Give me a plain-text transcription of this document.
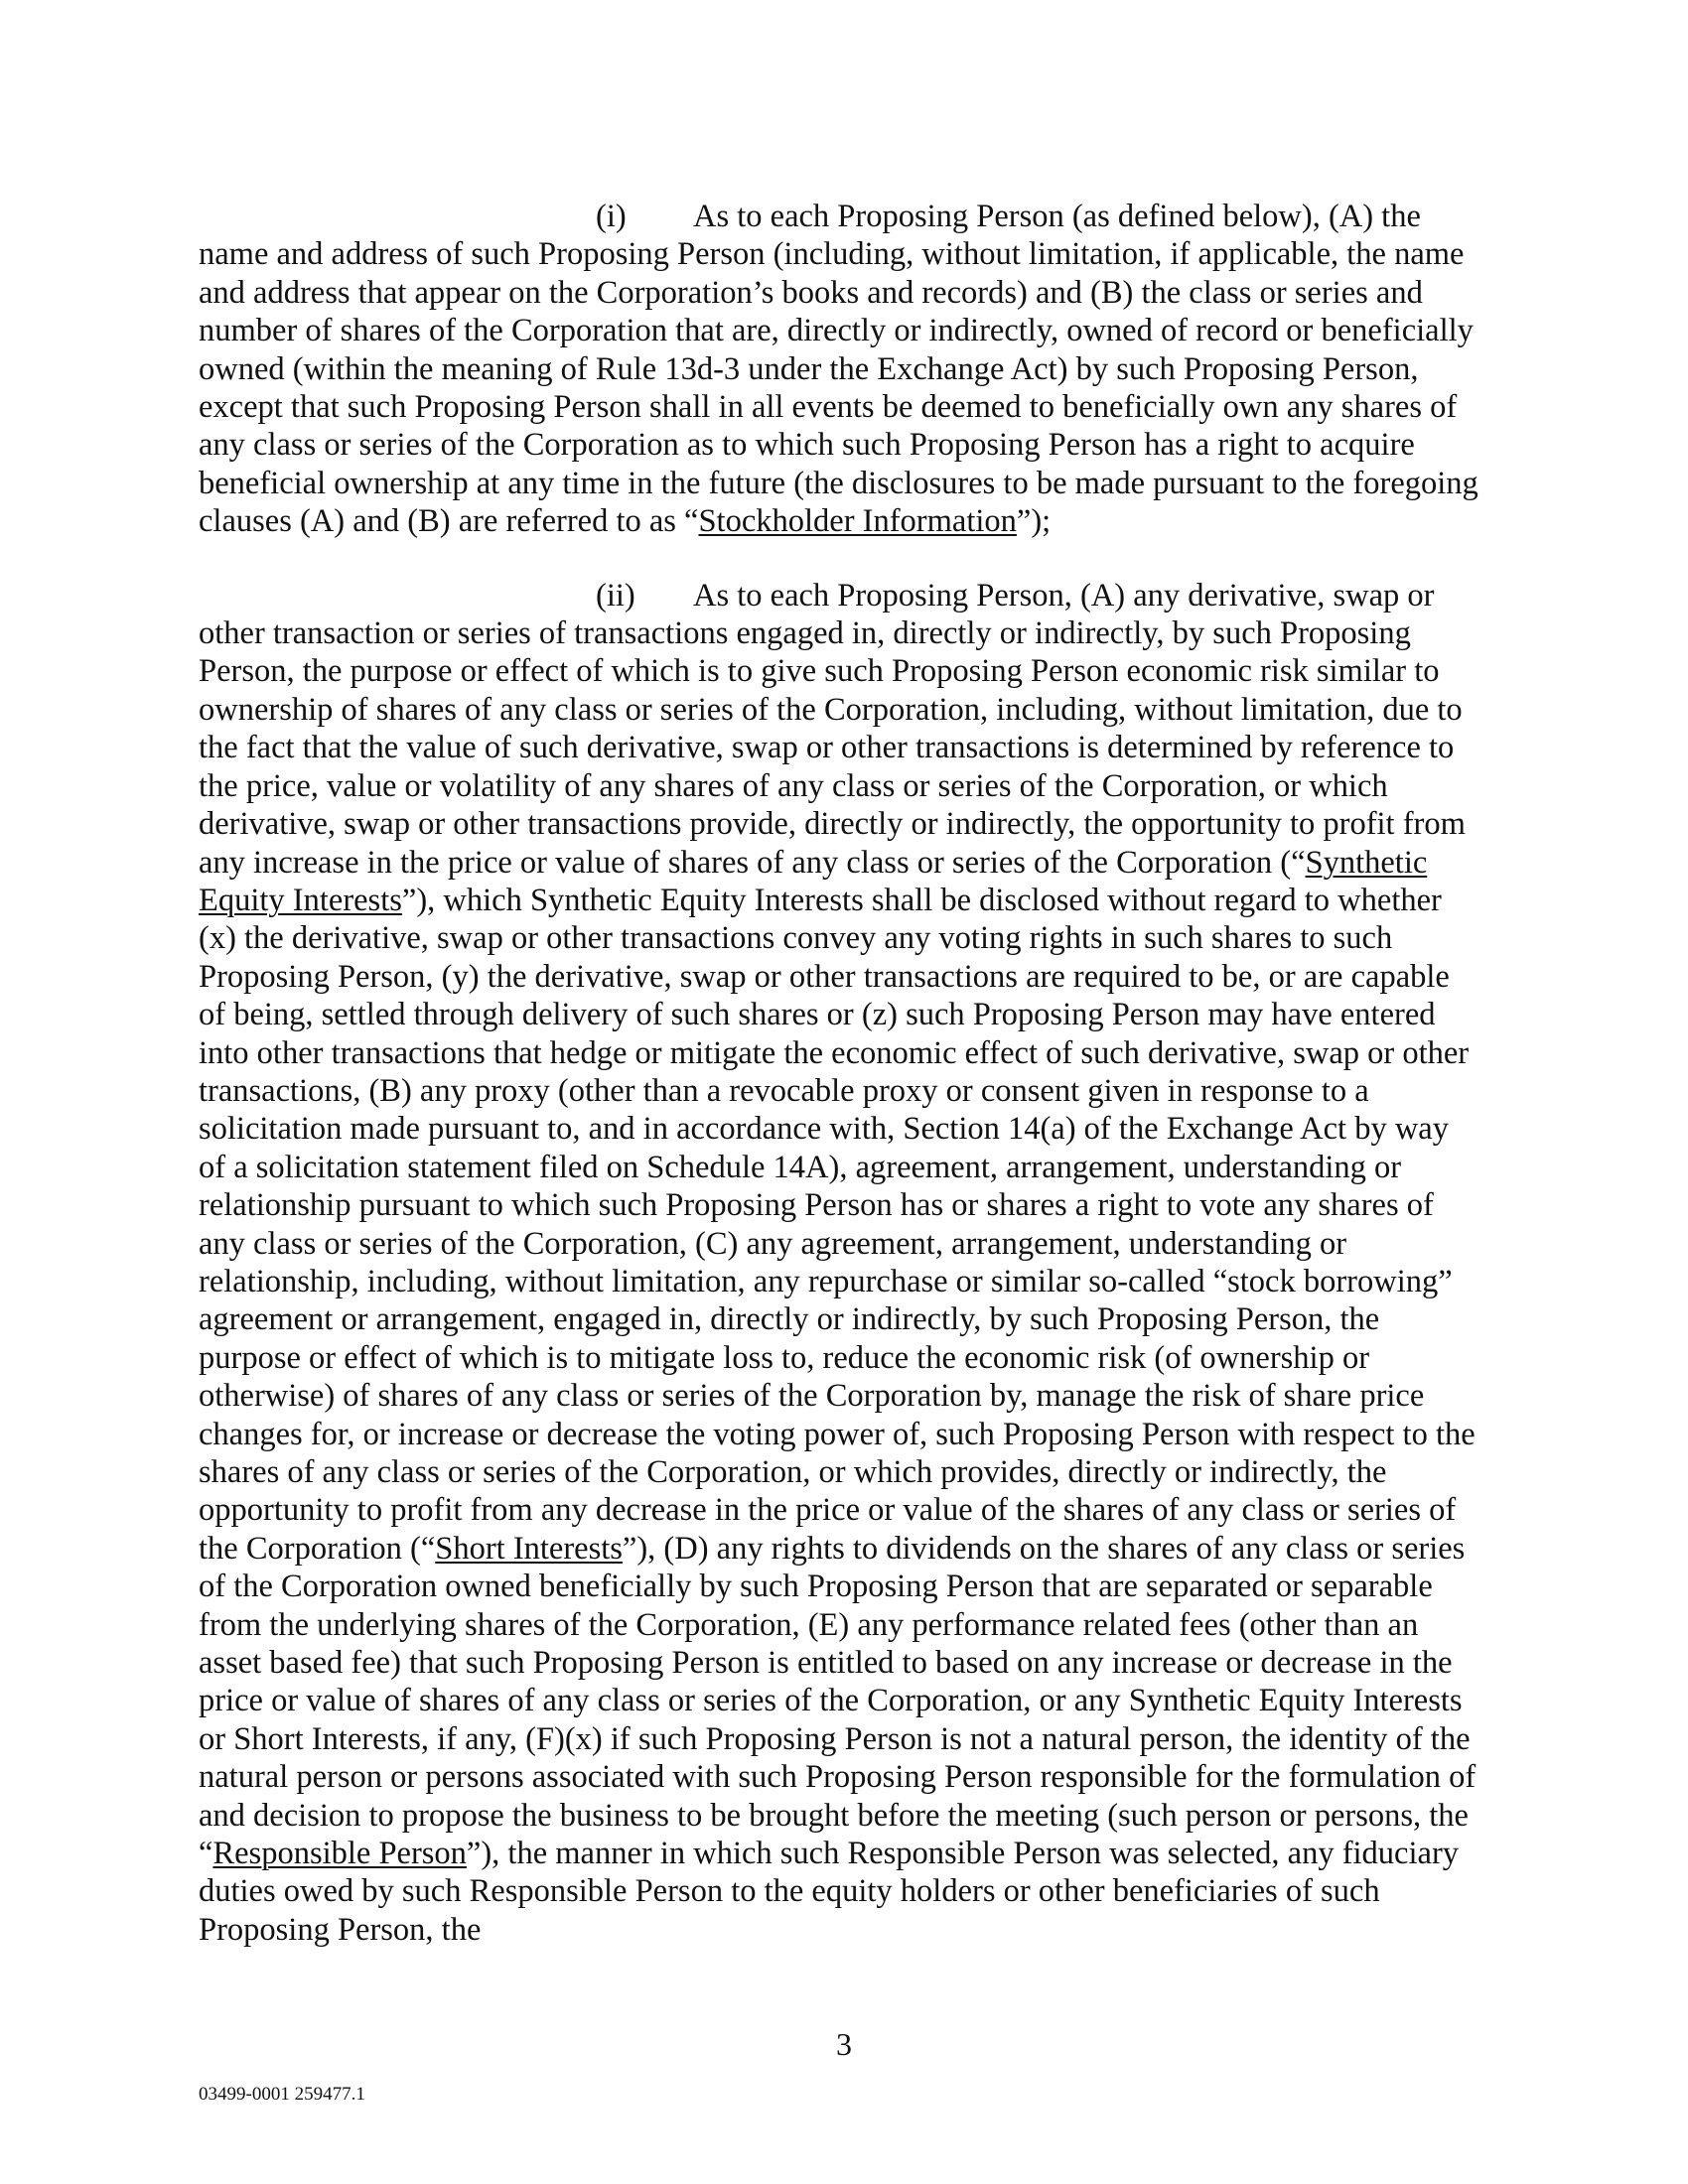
(i) As to each Proposing Person (as defined below), (A) the name and address of such Proposing Person (including, without limitation, if applicable, the name and address that appear on the Corporation’s books and records) and (B) the class or series and number of shares of the Corporation that are, directly or indirectly, owned of record or beneficially owned (within the meaning of Rule 13d-3 under the Exchange Act) by such Proposing Person, except that such Proposing Person shall in all events be deemed to beneficially own any shares of any class or series of the Corporation as to which such Proposing Person has a right to acquire beneficial ownership at any time in the future (the disclosures to be made pursuant to the foregoing clauses (A) and (B) are referred to as “Stockholder Information”);

(ii) As to each Proposing Person, (A) any derivative, swap or other transaction or series of transactions engaged in, directly or indirectly, by such Proposing Person, the purpose or effect of which is to give such Proposing Person economic risk similar to ownership of shares of any class or series of the Corporation, including, without limitation, due to the fact that the value of such derivative, swap or other transactions is determined by reference to the price, value or volatility of any shares of any class or series of the Corporation, or which derivative, swap or other transactions provide, directly or indirectly, the opportunity to profit from any increase in the price or value of shares of any class or series of the Corporation (“Synthetic Equity Interests”), which Synthetic Equity Interests shall be disclosed without regard to whether (x) the derivative, swap or other transactions convey any voting rights in such shares to such Proposing Person, (y) the derivative, swap or other transactions are required to be, or are capable of being, settled through delivery of such shares or (z) such Proposing Person may have entered into other transactions that hedge or mitigate the economic effect of such derivative, swap or other transactions, (B) any proxy (other than a revocable proxy or consent given in response to a solicitation made pursuant to, and in accordance with, Section 14(a) of the Exchange Act by way of a solicitation statement filed on Schedule 14A), agreement, arrangement, understanding or relationship pursuant to which such Proposing Person has or shares a right to vote any shares of any class or series of the Corporation, (C) any agreement, arrangement, understanding or relationship, including, without limitation, any repurchase or similar so-called “stock borrowing” agreement or arrangement, engaged in, directly or indirectly, by such Proposing Person, the purpose or effect of which is to mitigate loss to, reduce the economic risk (of ownership or otherwise) of shares of any class or series of the Corporation by, manage the risk of share price changes for, or increase or decrease the voting power of, such Proposing Person with respect to the shares of any class or series of the Corporation, or which provides, directly or indirectly, the opportunity to profit from any decrease in the price or value of the shares of any class or series of the Corporation (“Short Interests”), (D) any rights to dividends on the shares of any class or series of the Corporation owned beneficially by such Proposing Person that are separated or separable from the underlying shares of the Corporation, (E) any performance related fees (other than an asset based fee) that such Proposing Person is entitled to based on any increase or decrease in the price or value of shares of any class or series of the Corporation, or any Synthetic Equity Interests or Short Interests, if any, (F)(x) if such Proposing Person is not a natural person, the identity of the natural person or persons associated with such Proposing Person responsible for the formulation of and decision to propose the business to be brought before the meeting (such person or persons, the “Responsible Person”), the manner in which such Responsible Person was selected, any fiduciary duties owed by such Responsible Person to the equity holders or other beneficiaries of such Proposing Person, the

3
03499-0001 259477.1
